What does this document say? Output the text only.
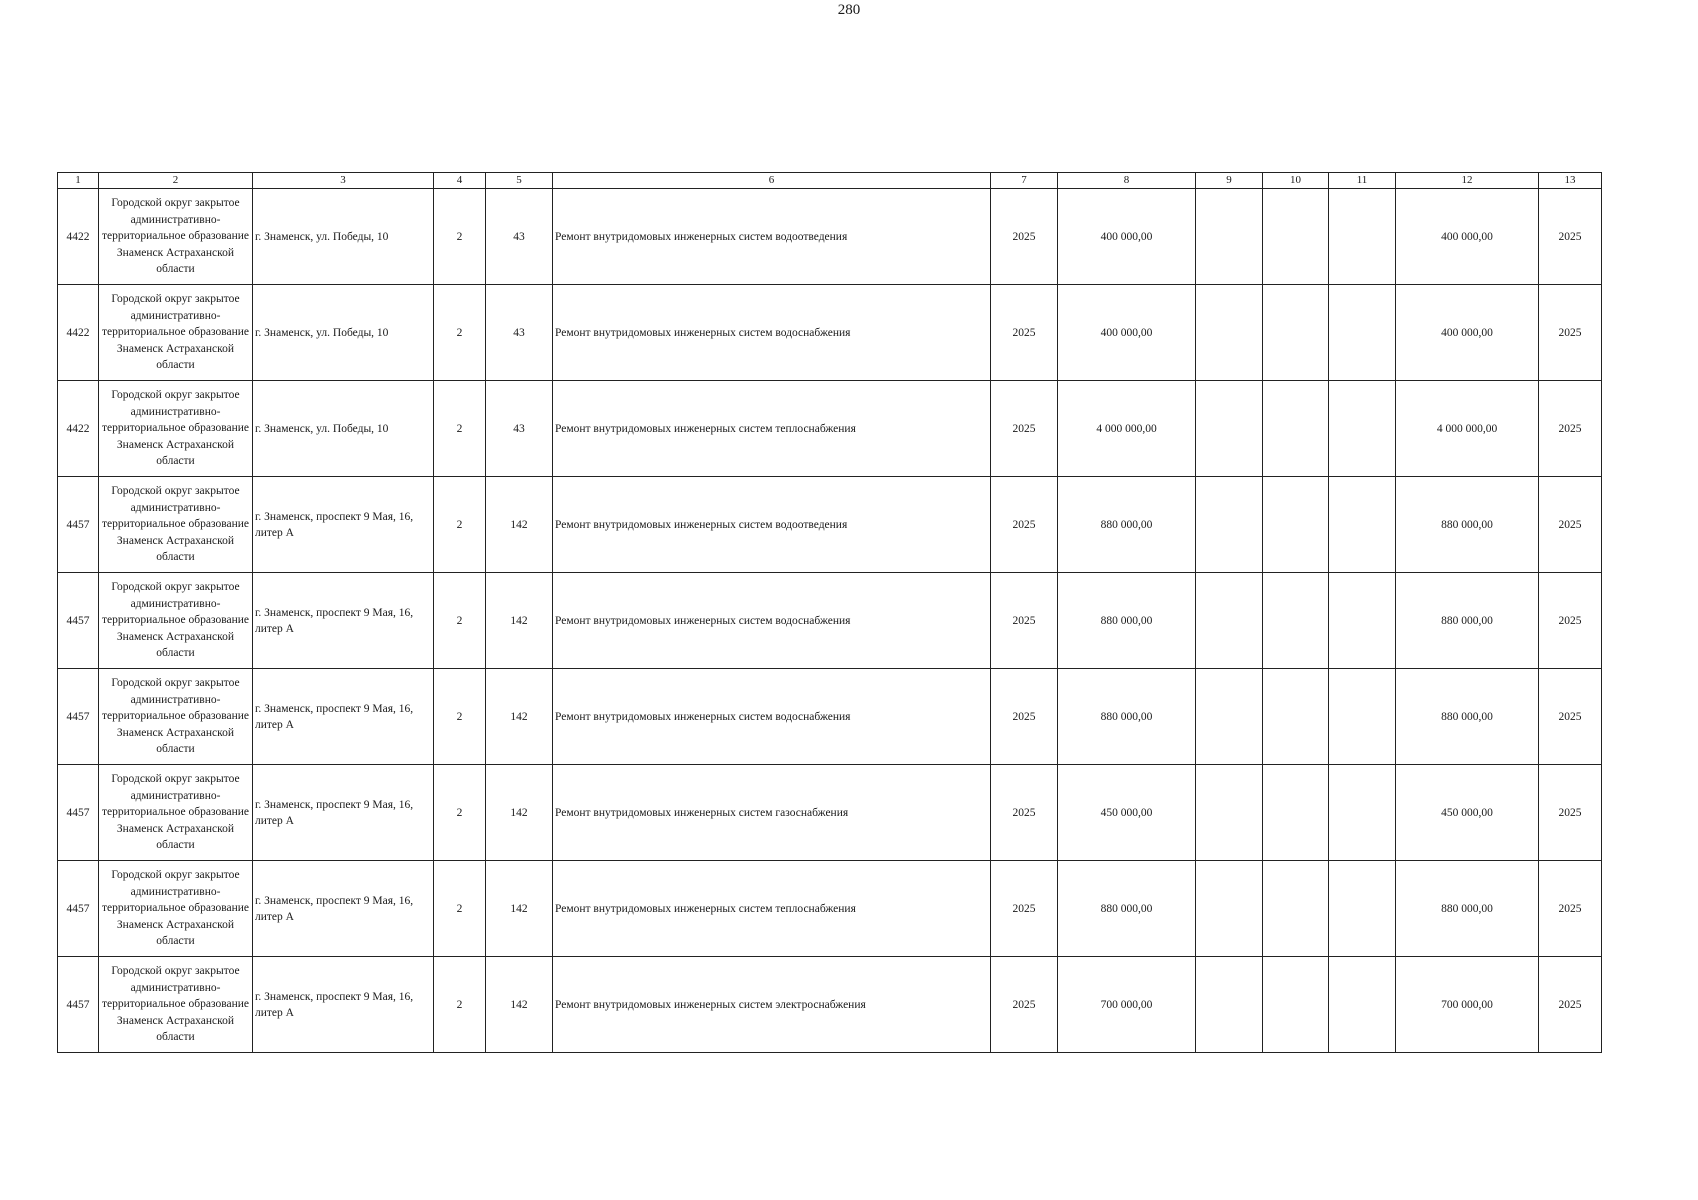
280
1	2	3	4	5	6	7	8	9	10	11	12	13
4422	Городской округ закрытое административно-территориальное образование Знаменск Астраханской области	г. Знаменск, ул. Победы, 10	2	43	Ремонт внутридомовых инженерных систем водоотведения	2025	400 000,00				400 000,00	2025
4422	Городской округ закрытое административно-территориальное образование Знаменск Астраханской области	г. Знаменск, ул. Победы, 10	2	43	Ремонт внутридомовых инженерных систем водоснабжения	2025	400 000,00				400 000,00	2025
4422	Городской округ закрытое административно-территориальное образование Знаменск Астраханской области	г. Знаменск, ул. Победы, 10	2	43	Ремонт внутридомовых инженерных систем теплоснабжения	2025	4 000 000,00				4 000 000,00	2025
4457	Городской округ закрытое административно-территориальное образование Знаменск Астраханской области	г. Знаменск, проспект 9 Мая, 16, литер А	2	142	Ремонт внутридомовых инженерных систем водоотведения	2025	880 000,00				880 000,00	2025
4457	Городской округ закрытое административно-территориальное образование Знаменск Астраханской области	г. Знаменск, проспект 9 Мая, 16, литер А	2	142	Ремонт внутридомовых инженерных систем водоснабжения	2025	880 000,00				880 000,00	2025
4457	Городской округ закрытое административно-территориальное образование Знаменск Астраханской области	г. Знаменск, проспект 9 Мая, 16, литер А	2	142	Ремонт внутридомовых инженерных систем водоснабжения	2025	880 000,00				880 000,00	2025
4457	Городской округ закрытое административно-территориальное образование Знаменск Астраханской области	г. Знаменск, проспект 9 Мая, 16, литер А	2	142	Ремонт внутридомовых инженерных систем газоснабжения	2025	450 000,00				450 000,00	2025
4457	Городской округ закрытое административно-территориальное образование Знаменск Астраханской области	г. Знаменск, проспект 9 Мая, 16, литер А	2	142	Ремонт внутридомовых инженерных систем теплоснабжения	2025	880 000,00				880 000,00	2025
4457	Городской округ закрытое административно-территориальное образование Знаменск Астраханской области	г. Знаменск, проспект 9 Мая, 16, литер А	2	142	Ремонт внутридомовых инженерных систем электроснабжения	2025	700 000,00				700 000,00	2025
